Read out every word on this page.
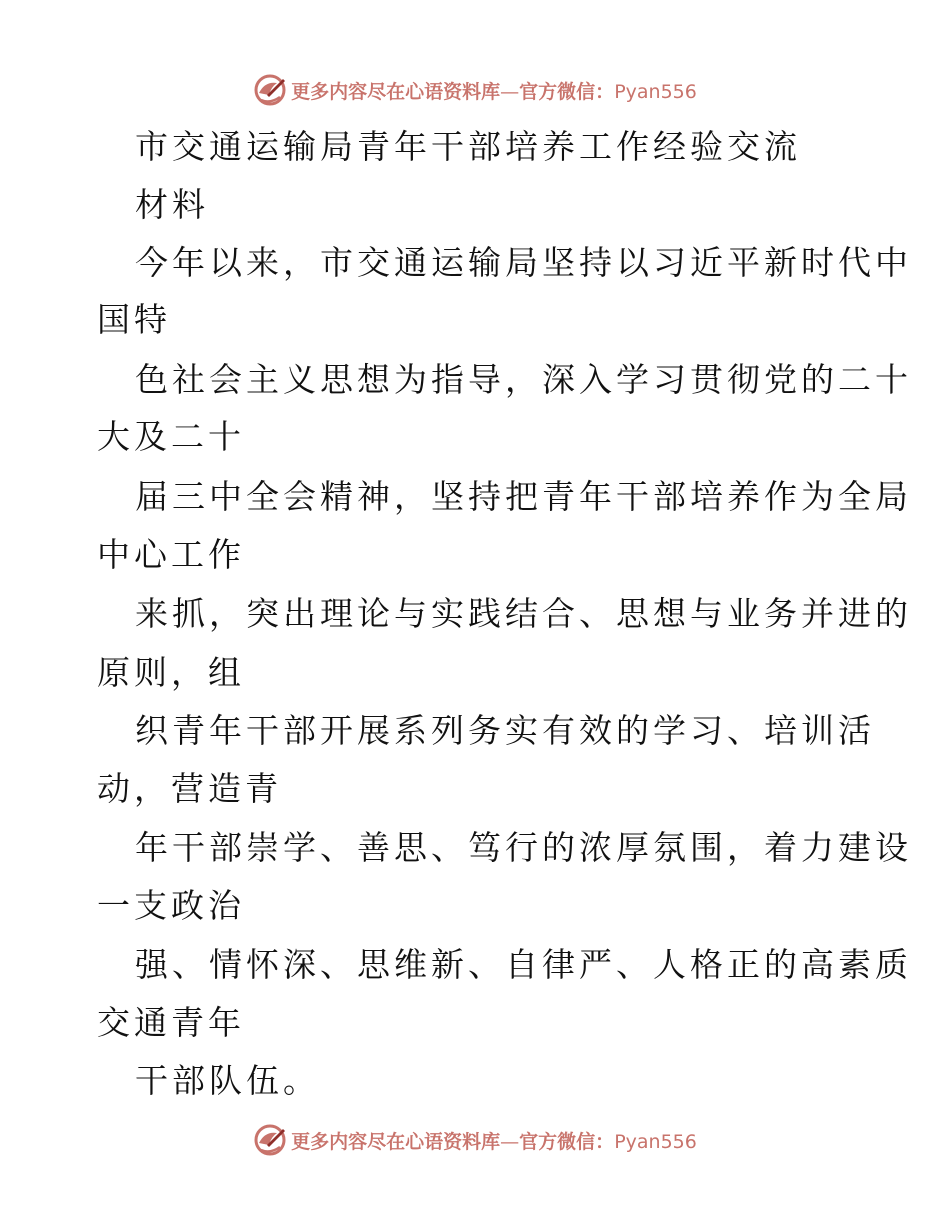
更多内容尽在心语资料库—官方微信：Pyan556
市交通运输局青年干部培养工作经验交流
材料
今年以来，市交通运输局坚持以习近平新时代中
国特
色社会主义思想为指导，深入学习贯彻党的二十
大及二十
届三中全会精神，坚持把青年干部培养作为全局
中心工作
来抓，突出理论与实践结合、思想与业务并进的
原则，组
织青年干部开展系列务实有效的学习、培训活
动，营造青
年干部崇学、善思、笃行的浓厚氛围，着力建设
一支政治
强、情怀深、思维新、自律严、人格正的高素质
交通青年
干部队伍。
更多内容尽在心语资料库—官方微信：Pyan556
